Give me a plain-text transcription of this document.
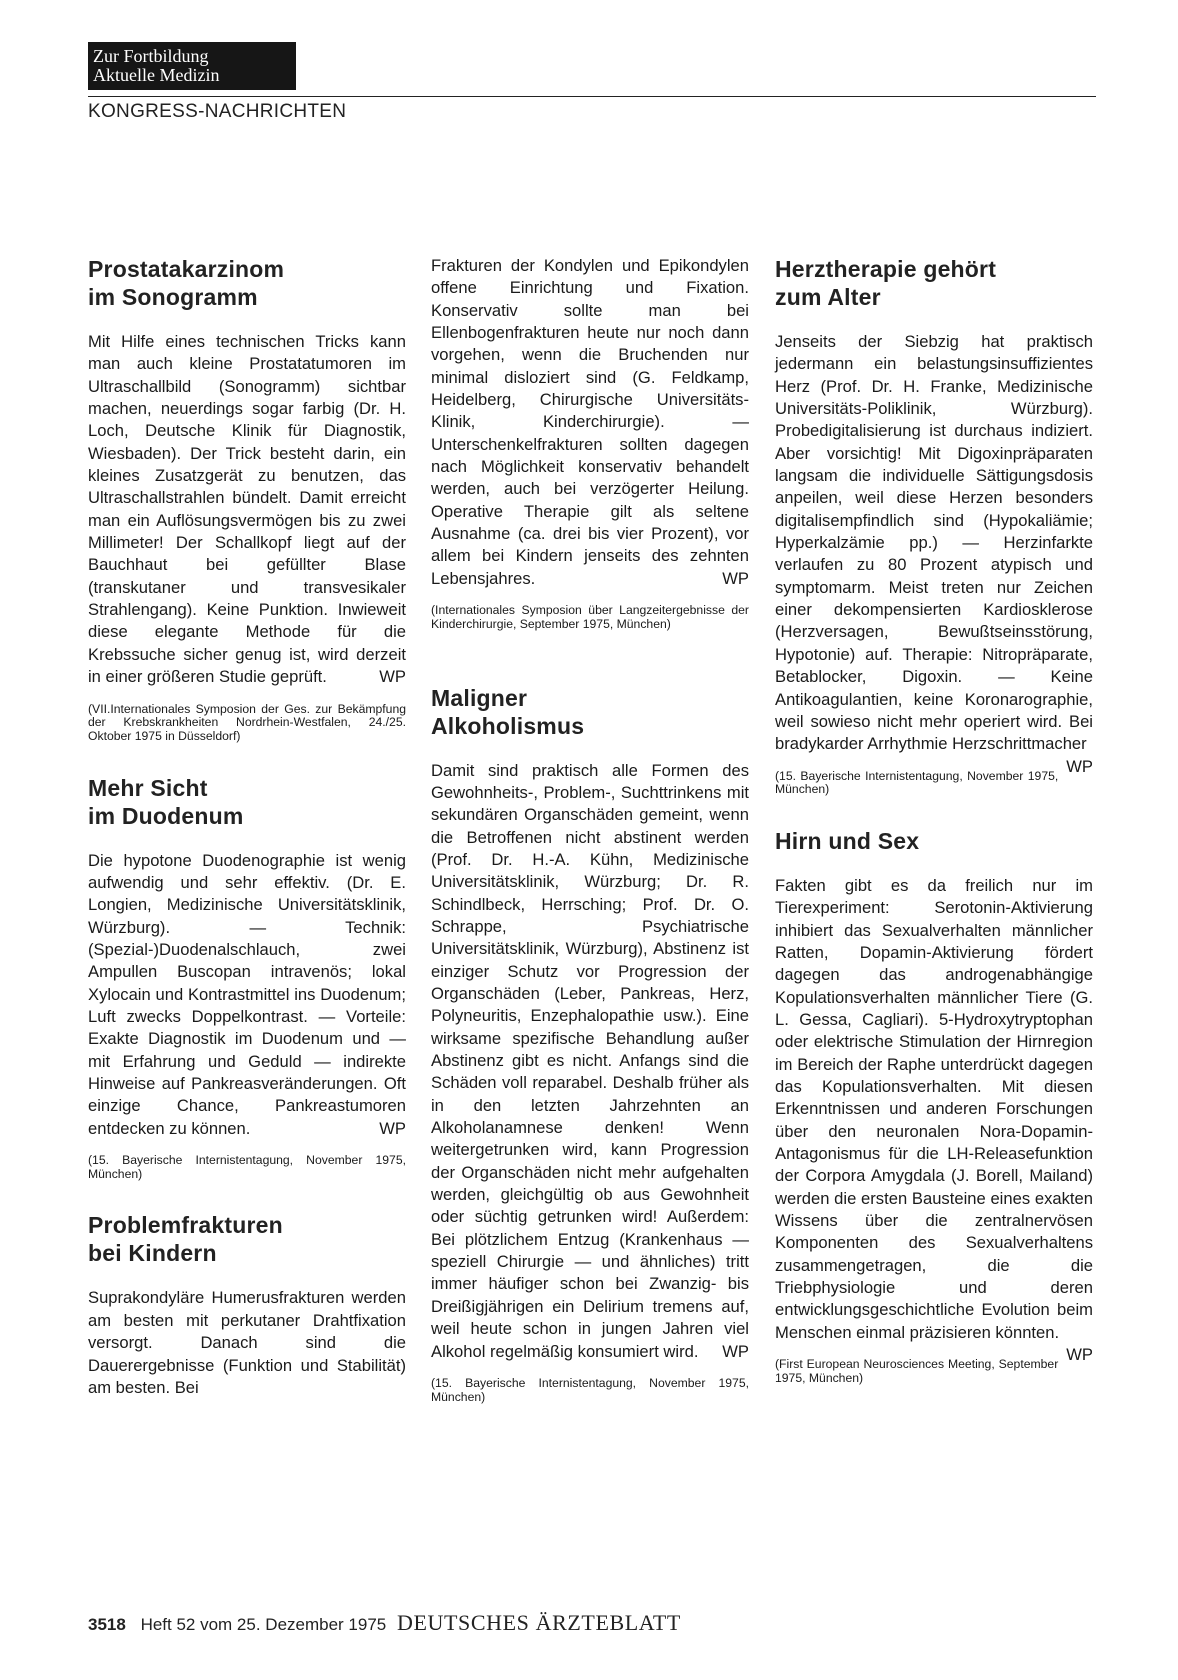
Zur Fortbildung
Aktuelle Medizin
KONGRESS-NACHRICHTEN
Prostatakarzinom
im Sonogramm

Mit Hilfe eines technischen Tricks kann man auch kleine Prostatatumoren im Ultraschallbild (Sonogramm) sichtbar machen, neuerdings sogar farbig (Dr. H. Loch, Deutsche Klinik für Diagnostik, Wiesbaden). Der Trick besteht darin, ein kleines Zusatzgerät zu benutzen, das Ultraschallstrahlen bündelt. Damit erreicht man ein Auflösungsvermögen bis zu zwei Millimeter! Der Schallkopf liegt auf der Bauchhaut bei gefüllter Blase (transkutaner und transvesikaler Strahlengang). Keine Punktion. Inwieweit diese elegante Methode für die Krebssuche sicher genug ist, wird derzeit in einer größeren Studie geprüft.	WP

(VII.Internationales Symposion der Ges. zur Bekämpfung der Krebskrankheiten Nordrhein-Westfalen, 24./25. Oktober 1975 in Düsseldorf)

Mehr Sicht
im Duodenum

Die hypotone Duodenographie ist wenig aufwendig und sehr effektiv. (Dr. E. Longien, Medizinische Universitätsklinik, Würzburg). — Technik: (Spezial-)Duodenalschlauch, zwei Ampullen Buscopan intravenös; lokal Xylocain und Kontrastmittel ins Duodenum; Luft zwecks Doppelkontrast. — Vorteile: Exakte Diagnostik im Duodenum und — mit Erfahrung und Geduld — indirekte Hinweise auf Pankreasveränderungen. Oft einzige Chance, Pankreastumoren entdecken zu können.	WP

(15. Bayerische Internistentagung, November 1975, München)

Problemfrakturen
bei Kindern

Suprakondyläre Humerusfrakturen werden am besten mit perkutaner Drahtfixation versorgt. Danach sind die Dauerergebnisse (Funktion und Stabilität) am besten. Bei

Frakturen der Kondylen und Epikondylen offene Einrichtung und Fixation. Konservativ sollte man bei Ellenbogenfrakturen heute nur noch dann vorgehen, wenn die Bruchenden nur minimal disloziert sind (G. Feldkamp, Heidelberg, Chirurgische Universitäts-Klinik, Kinderchirurgie). — Unterschenkelfrakturen sollten dagegen nach Möglichkeit konservativ behandelt werden, auch bei verzögerter Heilung. Operative Therapie gilt als seltene Ausnahme (ca. drei bis vier Prozent), vor allem bei Kindern jenseits des zehnten Lebensjahres.	WP

(Internationales Symposion über Langzeitergebnisse der Kinderchirurgie, September 1975, München)

Maligner
Alkoholismus

Damit sind praktisch alle Formen des Gewohnheits-, Problem-, Suchttrinkens mit sekundären Organschäden gemeint, wenn die Betroffenen nicht abstinent werden (Prof. Dr. H.-A. Kühn, Medizinische Universitätsklinik, Würzburg; Dr. R. Schindlbeck, Herrsching; Prof. Dr. O. Schrappe, Psychiatrische Universitätsklinik, Würzburg), Abstinenz ist einziger Schutz vor Progression der Organschäden (Leber, Pankreas, Herz, Polyneuritis, Enzephalopathie usw.). Eine wirksame spezifische Behandlung außer Abstinenz gibt es nicht. Anfangs sind die Schäden voll reparabel. Deshalb früher als in den letzten Jahrzehnten an Alkoholanamnese denken! Wenn weitergetrunken wird, kann Progression der Organschäden nicht mehr aufgehalten werden, gleichgültig ob aus Gewohnheit oder süchtig getrunken wird! Außerdem: Bei plötzlichem Entzug (Krankenhaus — speziell Chirurgie — und ähnliches) tritt immer häufiger schon bei Zwanzig- bis Dreißigjährigen ein Delirium tremens auf, weil heute schon in jungen Jahren viel Alkohol regelmäßig konsumiert wird. WP

(15. Bayerische Internistentagung, November 1975, München)

Herztherapie gehört
zum Alter

Jenseits der Siebzig hat praktisch jedermann ein belastungsinsuffizientes Herz (Prof. Dr. H. Franke, Medizinische Universitäts-Poliklinik, Würzburg). Probedigitalisierung ist durchaus indiziert. Aber vorsichtig! Mit Digoxinpräparaten langsam die individuelle Sättigungsdosis anpeilen, weil diese Herzen besonders digitalisempfindlich sind (Hypokaliämie; Hyperkalzämie pp.) — Herzinfarkte verlaufen zu 80 Prozent atypisch und symptomarm. Meist treten nur Zeichen einer dekompensierten Kardiosklerose (Herzversagen, Bewußtseinsstörung, Hypotonie) auf. Therapie: Nitropräparate, Betablocker, Digoxin. — Keine Antikoagulantien, keine Koronarographie, weil sowieso nicht mehr operiert wird. Bei bradykarder Arrhythmie Herzschrittmacher
WP

(15. Bayerische Internistentagung, November 1975, München)

Hirn und Sex

Fakten gibt es da freilich nur im Tierexperiment: Serotonin-Aktivierung inhibiert das Sexualverhalten männlicher Ratten, Dopamin-Aktivierung fördert dagegen das androgenabhängige Kopulationsverhalten männlicher Tiere (G. L. Gessa, Cagliari). 5-Hydroxytryptophan oder elektrische Stimulation der Hirnregion im Bereich der Raphe unterdrückt dagegen das Kopulationsverhalten. Mit diesen Erkenntnissen und anderen Forschungen über den neuronalen Nora-Dopamin-Antagonismus für die LH-Releasefunktion der Corpora Amygdala (J. Borell, Mailand) werden die ersten Bausteine eines exakten Wissens über die zentralnervösen Komponenten des Sexualverhaltens zusammengetragen, die die Triebphysiologie und deren entwicklungsgeschichtliche Evolution beim Menschen einmal präzisieren könnten.
WP

(First European Neurosciences Meeting, September 1975, München)

3518 Heft 52 vom 25. Dezember 1975 DEUTSCHES ÄRZTEBLATT
